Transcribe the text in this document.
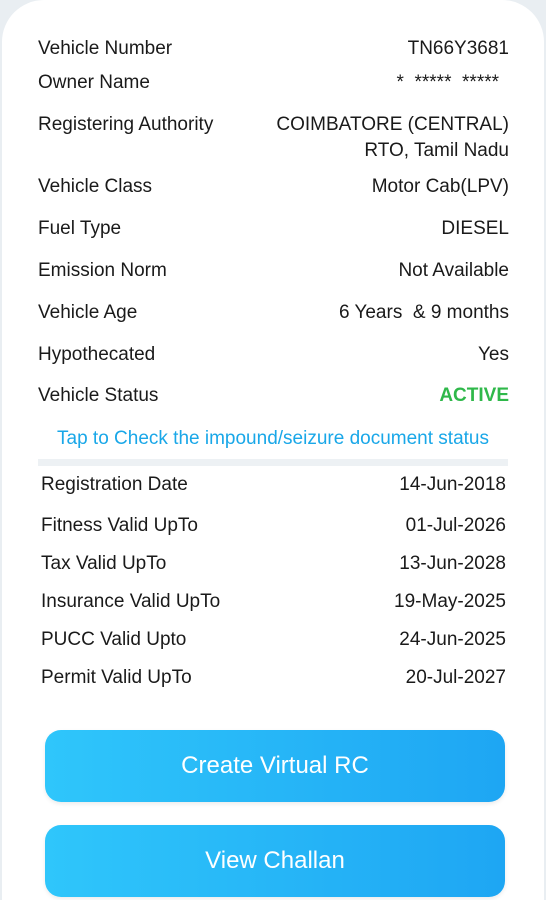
Vehicle Number	TN66Y3681
Owner Name	*  *****  *****
Registering Authority	COIMBATORE (CENTRAL)
RTO, Tamil Nadu
Vehicle Class	Motor Cab(LPV)
Fuel Type	DIESEL
Emission Norm	Not Available
Vehicle Age	6 Years  & 9 months
Hypothecated	Yes
Vehicle Status	ACTIVE
Tap to Check the impound/seizure document status
Registration Date	14-Jun-2018
Fitness Valid UpTo	01-Jul-2026
Tax Valid UpTo	13-Jun-2028
Insurance Valid UpTo	19-May-2025
PUCC Valid Upto	24-Jun-2025
Permit Valid UpTo	20-Jul-2027
Create Virtual RC
View Challan
